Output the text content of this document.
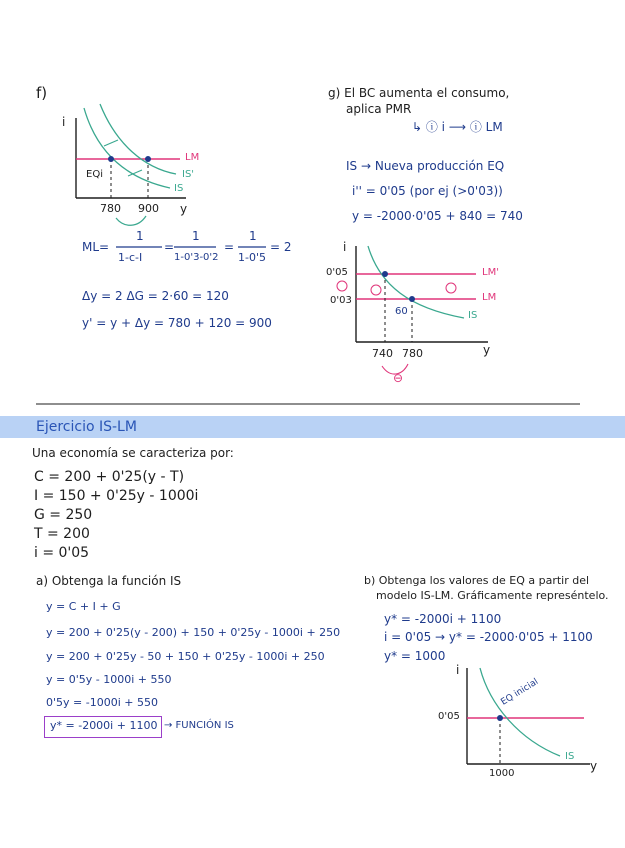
f)
i
y
EQi
LM
IS'
IS
780 900
ML=
1
1-c-I
=
1
1-0'3-0'2
=
1
1-0'5
= 2
Δy = 2 ΔG = 2·60 = 120
y' = y + Δy = 780 + 120 = 900
g) El BC aumenta el consumo,
aplica PMR
↳ ⓘ i ⟶ ⓘ LM
IS → Nueva producción EQ
i'' = 0'05 (por ej (>0'03))
y = -2000·0'05 + 840 = 740
i
y
0'05
0'03
LM'
LM
IS
60
740 780
⊖
Ejercicio IS-LM
Una economía se caracteriza por:
C = 200 + 0'25(y - T)
I = 150 + 0'25y - 1000i
G = 250
T = 200
i = 0'05
a) Obtenga la función IS
y = C + I + G
y = 200 + 0'25(y - 200) + 150 + 0'25y - 1000i + 250
y = 200 + 0'25y - 50 + 150 + 0'25y - 1000i + 250
y = 0'5y - 1000i + 550
0'5y = -1000i + 550
y* = -2000i + 1100 → FUNCIÓN IS
b) Obtenga los valores de EQ a partir del
modelo IS-LM. Gráficamente represéntelo.
y* = -2000i + 1100
i = 0'05 → y* = -2000·0'05 + 1100
y* = 1000
i
y
0'05
1000
EQ inicial
IS
